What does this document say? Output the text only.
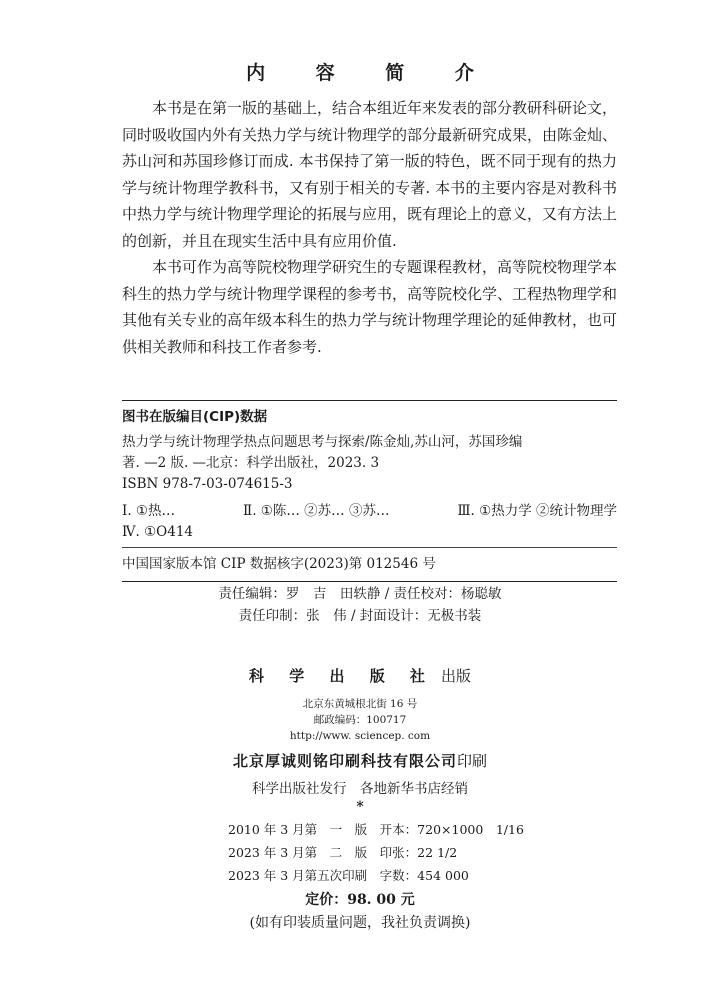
内 容 简 介

本书是在第一版的基础上，结合本组近年来发表的部分教研科研论文，同时吸收国内外有关热力学与统计物理学的部分最新研究成果，由陈金灿、苏山河和苏国珍修订而成. 本书保持了第一版的特色，既不同于现有的热力学与统计物理学教科书，又有别于相关的专著. 本书的主要内容是对教科书中热力学与统计物理学理论的拓展与应用，既有理论上的意义，又有方法上的创新，并且在现实生活中具有应用价值.

本书可作为高等院校物理学研究生的专题课程教材，高等院校物理学本科生的热力学与统计物理学课程的参考书，高等院校化学、工程热物理学和其他有关专业的高年级本科生的热力学与统计物理学理论的延伸教材，也可供相关教师和科技工作者参考.

图书在版编目(CIP)数据
热力学与统计物理学热点问题思考与探索/陈金灿,苏山河，苏国珍编
著. —2 版. —北京：科学出版社，2023. 3
ISBN 978-7-03-074615-3
Ⅰ. ①热…	Ⅱ. ①陈… ②苏… ③苏…	Ⅲ. ①热力学 ②统计物理学
Ⅳ. ①O414
中国国家版本馆 CIP 数据核字(2023)第 012546 号
责任编辑：罗　吉　田轶静 / 责任校对：杨聪敏
责任印制：张　伟 / 封面设计：无极书装
科 学 出 版 社 出版
北京东黄城根北街 16 号
邮政编码：100717
http://www. sciencep. com
北京厚诚则铭印刷科技有限公司印刷
科学出版社发行　各地新华书店经销
*
2010 年 3 月第　一　版　开本：720×1000　1/16
2023 年 3 月第　二　版　印张：22 1/2
2023 年 3 月第五次印刷　字数：454 000
定价：98. 00 元
(如有印装质量问题，我社负责调换)
